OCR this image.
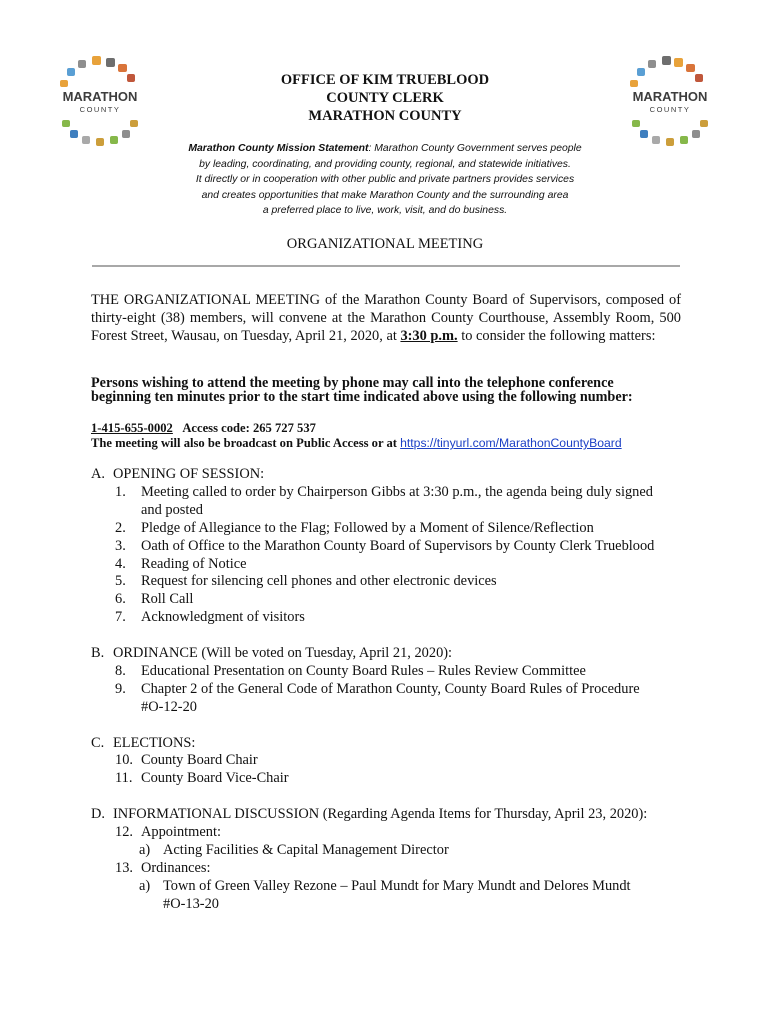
MARATHON
COUNTY
MARATHON
COUNTY
OFFICE OF KIM TRUEBLOOD
COUNTY CLERK
MARATHON COUNTY
Marathon County Mission Statement: Marathon County Government serves people
by leading, coordinating, and providing county, regional, and statewide initiatives.
It directly or in cooperation with other public and private partners provides services
and creates opportunities that make Marathon County and the surrounding area
a preferred place to live, work, visit, and do business.
ORGANIZATIONAL MEETING
THE ORGANIZATIONAL MEETING of the Marathon County Board of Supervisors, composed of thirty-eight (38) members, will convene at the Marathon County Courthouse, Assembly Room, 500 Forest Street, Wausau, on Tuesday, April 21, 2020, at 3:30 p.m. to consider the following matters:
Persons wishing to attend the meeting by phone may call into the telephone conference
beginning ten minutes prior to the start time indicated above using the following number:
1-415-655-0002 Access code: 265 727 537
The meeting will also be broadcast on Public Access or at https://tinyurl.com/MarathonCountyBoard
A. OPENING OF SESSION:
1.	Meeting called to order by Chairperson Gibbs at 3:30 p.m., the agenda being duly signed
and posted
2.	Pledge of Allegiance to the Flag; Followed by a Moment of Silence/Reflection
3.	Oath of Office to the Marathon County Board of Supervisors by County Clerk Trueblood
4.	Reading of Notice
5.	Request for silencing cell phones and other electronic devices
6.	Roll Call
7.	Acknowledgment of visitors
B. ORDINANCE (Will be voted on Tuesday, April 21, 2020):
8.	Educational Presentation on County Board Rules – Rules Review Committee
9.	Chapter 2 of the General Code of Marathon County, County Board Rules of Procedure
#O-12-20
C. ELECTIONS:
10. County Board Chair
11. County Board Vice-Chair
D. INFORMATIONAL DISCUSSION (Regarding Agenda Items for Thursday, April 23, 2020):
12. Appointment:
a) Acting Facilities & Capital Management Director
13. Ordinances:
a) Town of Green Valley Rezone – Paul Mundt for Mary Mundt and Delores Mundt
#O-13-20
